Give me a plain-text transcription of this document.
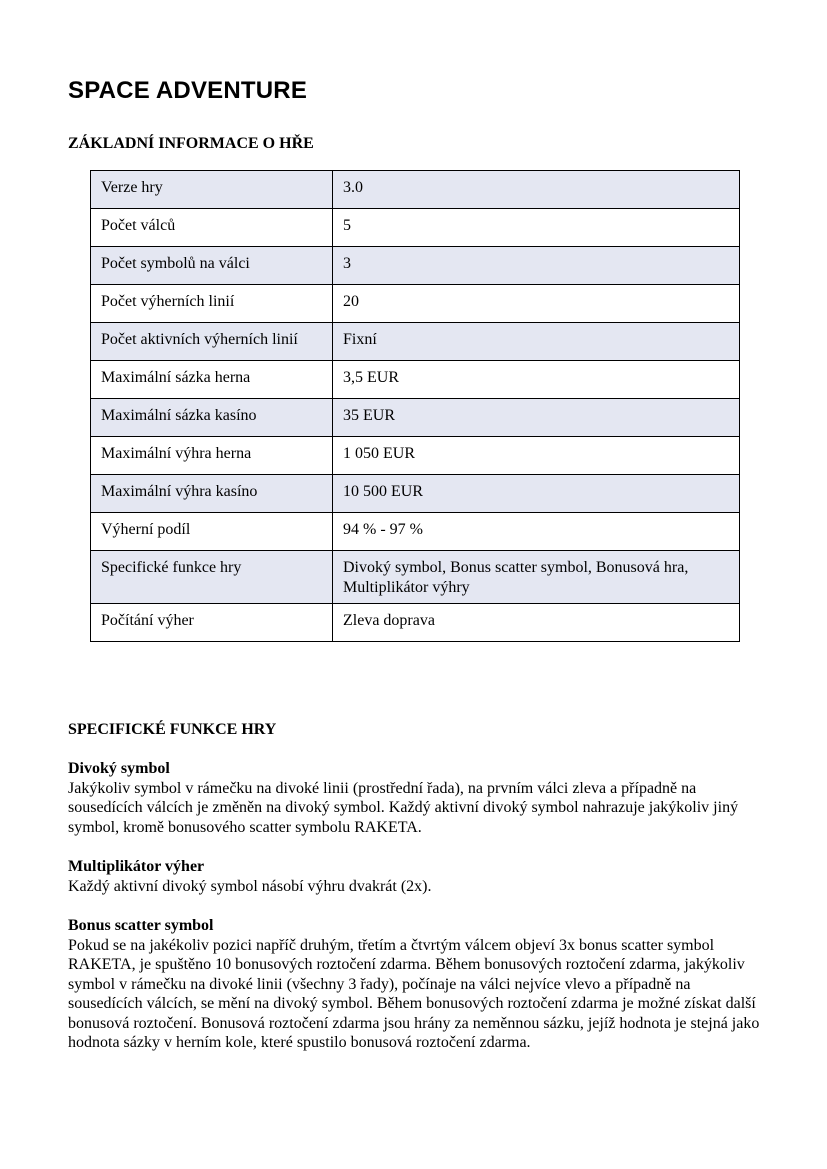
SPACE ADVENTURE
ZÁKLADNÍ INFORMACE O HŘE
Verze hry	3.0
Počet válců	5
Počet symbolů na válci	3
Počet výherních linií	20
Počet aktivních výherních linií	Fixní
Maximální sázka herna	3,5 EUR
Maximální sázka kasíno	35 EUR
Maximální výhra herna	1 050 EUR
Maximální výhra kasíno	10 500 EUR
Výherní podíl	94 % - 97 %
Specifické funkce hry	Divoký symbol, Bonus scatter symbol, Bonusová hra, Multiplikátor výhry
Počítání výher	Zleva doprava
SPECIFICKÉ FUNKCE HRY
Divoký symbol

Jakýkoliv symbol v rámečku na divoké linii (prostřední řada), na prvním válci zleva a případně na sousedících válcích je změněn na divoký symbol. Každý aktivní divoký symbol nahrazuje jakýkoliv jiný symbol, kromě bonusového scatter symbolu RAKETA.

Multiplikátor výher

Každý aktivní divoký symbol násobí výhru dvakrát (2x).

Bonus scatter symbol

Pokud se na jakékoliv pozici napříč druhým, třetím a čtvrtým válcem objeví 3x bonus scatter symbol RAKETA, je spuštěno 10 bonusových roztočení zdarma. Během bonusových roztočení zdarma, jakýkoliv symbol v rámečku na divoké linii (všechny 3 řady), počínaje na válci nejvíce vlevo a případně na sousedících válcích, se mění na divoký symbol. Během bonusových roztočení zdarma je možné získat další bonusová roztočení. Bonusová roztočení zdarma jsou hrány za neměnnou sázku, jejíž hodnota je stejná jako hodnota sázky v herním kole, které spustilo bonusová roztočení zdarma.
